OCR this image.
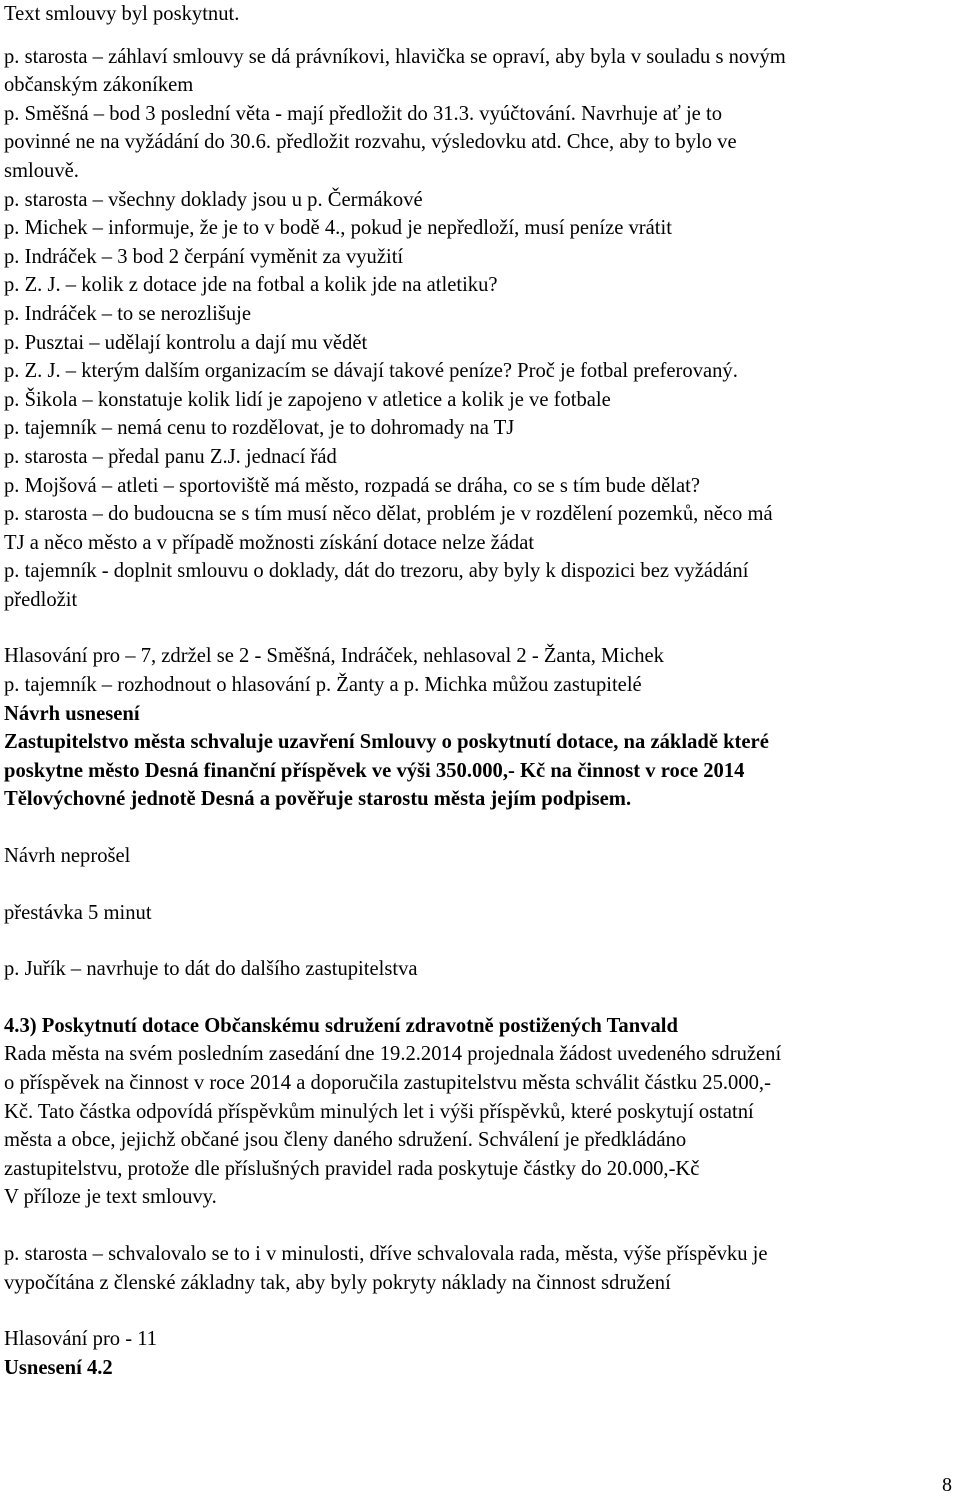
Text smlouvy byl poskytnut.

p. starosta – záhlaví smlouvy se dá právníkovi, hlavička se opraví, aby byla v souladu s novým

občanským zákoníkem

p. Směšná – bod 3 poslední věta - mají předložit do 31.3. vyúčtování. Navrhuje ať je to

povinné ne na vyžádání do 30.6. předložit rozvahu, výsledovku atd. Chce, aby to bylo ve

smlouvě.

p. starosta – všechny doklady jsou u p. Čermákové

p. Michek – informuje, že je to v bodě 4., pokud je nepředloží, musí peníze vrátit

p. Indráček – 3 bod 2 čerpání vyměnit za využití

p. Z. J. – kolik z dotace jde na fotbal a kolik jde na atletiku?

p. Indráček – to se nerozlišuje

p. Pusztai – udělají kontrolu a dají mu vědět

p. Z. J. – kterým dalším organizacím se dávají takové peníze? Proč je fotbal preferovaný.

p. Šikola – konstatuje kolik lidí je zapojeno v atletice a kolik je ve fotbale

p. tajemník – nemá cenu to rozdělovat, je to dohromady na TJ

p. starosta – předal panu Z.J. jednací řád

p. Mojšová – atleti – sportoviště má město, rozpadá se dráha, co se s tím bude dělat?

p. starosta – do budoucna se s tím musí něco dělat, problém je v rozdělení pozemků, něco má

TJ a něco město a v případě možnosti získání dotace nelze žádat

p. tajemník - doplnit smlouvu o doklady, dát do trezoru, aby byly k dispozici bez vyžádání

předložit

Hlasování pro – 7, zdržel se 2 - Směšná, Indráček, nehlasoval 2 - Žanta, Michek

p. tajemník – rozhodnout o hlasování p. Žanty a p. Michka můžou zastupitelé

Návrh usnesení

Zastupitelstvo města schvaluje uzavření Smlouvy o poskytnutí dotace, na základě které

poskytne město Desná finanční příspěvek ve výši 350.000,- Kč na činnost v roce 2014

Tělovýchovné jednotě Desná a pověřuje starostu města jejím podpisem.

Návrh neprošel

přestávka 5 minut

p. Juřík – navrhuje to dát do dalšího zastupitelstva

4.3) Poskytnutí dotace Občanskému sdružení zdravotně postižených Tanvald

Rada města na svém posledním zasedání dne 19.2.2014 projednala žádost uvedeného sdružení

o příspěvek na činnost v roce 2014 a doporučila zastupitelstvu města schválit částku 25.000,-

Kč. Tato částka odpovídá příspěvkům minulých let i výši příspěvků, které poskytují ostatní

města a obce, jejichž občané jsou členy daného sdružení. Schválení je předkládáno

zastupitelstvu, protože dle příslušných pravidel rada poskytuje částky do 20.000,-Kč

V příloze je text smlouvy.

p. starosta – schvalovalo se to i v minulosti, dříve schvalovala rada, města, výše příspěvku je

vypočítána z členské základny tak, aby byly pokryty náklady na činnost sdružení

Hlasování pro - 11

Usnesení 4.2

8
